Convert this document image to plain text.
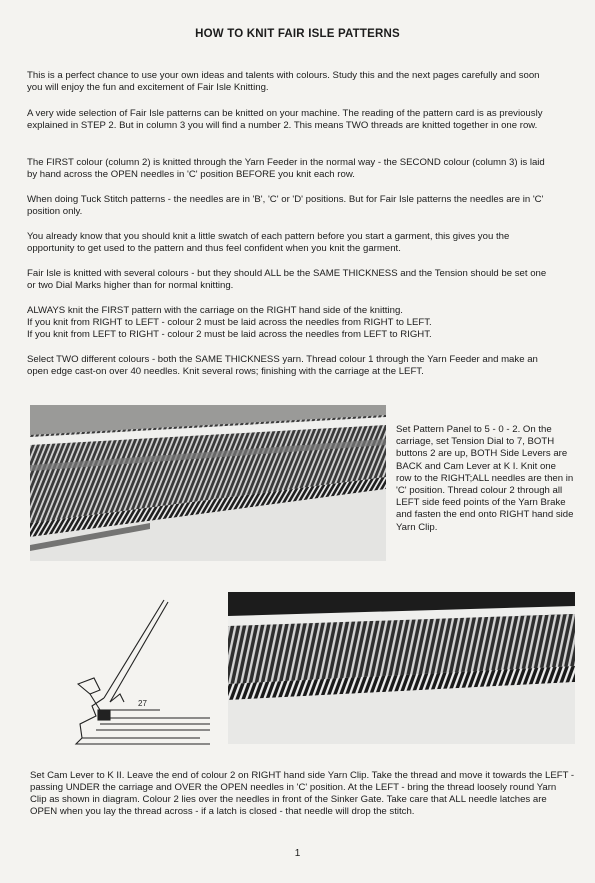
HOW TO KNIT FAIR ISLE PATTERNS

This is a perfect chance to use your own ideas and talents with colours. Study this and the next pages carefully and soon you will enjoy the fun and excitement of Fair Isle Knitting.

A very wide selection of Fair Isle patterns can be knitted on your machine. The reading of the pattern card is as previously explained in STEP 2. But in column 3 you will find a number 2. This means TWO threads are knitted together in one row.

The FIRST colour (column 2) is knitted through the Yarn Feeder in the normal way - the SECOND colour (column 3) is laid by hand across the OPEN needles in 'C' position BEFORE you knit each row.

When doing Tuck Stitch patterns - the needles are in 'B', 'C' or 'D' positions. But for Fair Isle patterns the needles are in 'C' position only.

You already know that you should knit a little swatch of each pattern before you start a garment, this gives you the opportunity to get used to the pattern and thus feel confident when you knit the garment.

Fair Isle is knitted with several colours - but they should ALL be the SAME THICKNESS and the Tension should be set one or two Dial Marks higher than for normal knitting.

ALWAYS knit the FIRST pattern with the carriage on the RIGHT hand side of the knitting.

If you knit from RIGHT to LEFT - colour 2 must be laid across the needles from RIGHT to LEFT.

If you knit from LEFT to RIGHT - colour 2 must be laid across the needles from LEFT to RIGHT.

Select TWO different colours - both the SAME THICKNESS yarn. Thread colour 1 through the Yarn Feeder and make an open edge cast-on over 40 needles. Knit several rows; finishing with the carriage at the LEFT.

Set Pattern Panel to 5 - 0 - 2. On the carriage, set Tension Dial to 7, BOTH buttons 2 are up, BOTH Side Levers are BACK and Cam Lever at K I. Knit one row to the RIGHT;ALL needles are then in 'C' position. Thread colour 2 through all LEFT side feed points of the Yarn Brake and fasten the end onto RIGHT hand side Yarn Clip.

27

Set Cam Lever to K II. Leave the end of colour 2 on RIGHT hand side Yarn Clip. Take the thread and move it towards the LEFT - passing UNDER the carriage and OVER the OPEN needles in 'C' position. At the LEFT - bring the thread loosely round Yarn Clip as shown in diagram. Colour 2 lies over the needles in front of the Sinker Gate. Take care that ALL needle latches are OPEN when you lay the thread across - if a latch is closed - that needle will drop the stitch.

1
